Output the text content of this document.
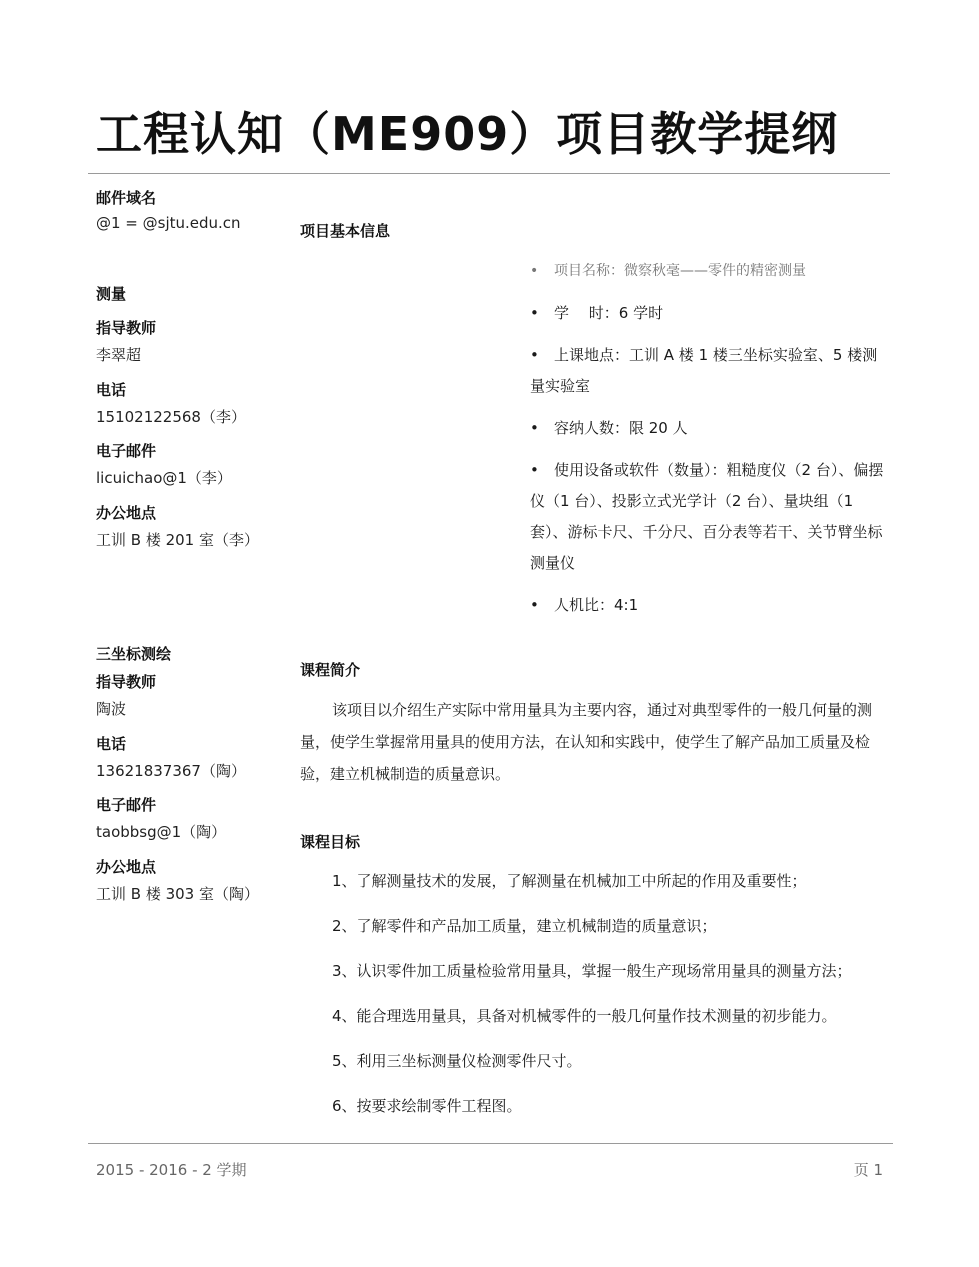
工程认知（ME909）项目教学提纲
邮件域名
@1 = @sjtu.edu.cn
测量
指导教师
李翠超
电话
15102122568（李）
电子邮件
licuichao@1（李）
办公地点
工训 B 楼 201 室（李）
三坐标测绘
指导教师
陶波
电话
13621837367（陶）
电子邮件
taobbsg@1（陶）
办公地点
工训 B 楼 303 室（陶）
项目基本信息
•	项目名称：微察秋毫——零件的精密测量
•	学　 时：6 学时
•	上课地点：工训 A 楼 1 楼三坐标实验室、5 楼测量实验室
•	容纳人数：限 20 人
•	使用设备或软件（数量）：粗糙度仪（2 台）、偏摆仪（1 台）、投影立式光学计（2 台）、量块组（1 套）、游标卡尺、千分尺、百分表等若干、关节臂坐标测量仪
•	人机比：4:1
课程简介

该项目以介绍生产实际中常用量具为主要内容，通过对典型零件的一般几何量的测量，使学生掌握常用量具的使用方法，在认知和实践中，使学生了解产品加工质量及检验，建立机械制造的质量意识。

课程目标
1、了解测量技术的发展，了解测量在机械加工中所起的作用及重要性；
2、了解零件和产品加工质量，建立机械制造的质量意识；
3、认识零件加工质量检验常用量具，掌握一般生产现场常用量具的测量方法；
4、能合理选用量具，具备对机械零件的一般几何量作技术测量的初步能力。
5、利用三坐标测量仪检测零件尺寸。
6、按要求绘制零件工程图。
2015 - 2016 - 2 学期	页 1
